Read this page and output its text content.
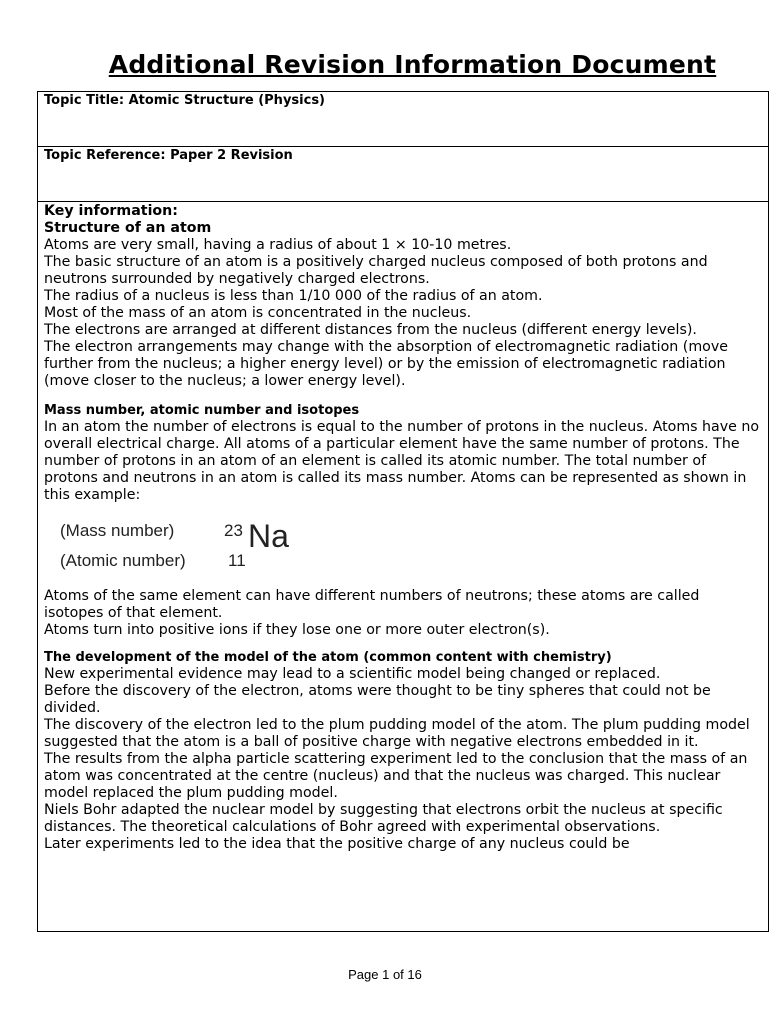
Additional Revision Information Document
Topic Title: Atomic Structure (Physics)
Topic Reference: Paper 2 Revision
Key information:
Structure of an atom
Atoms are very small, having a radius of about 1 × 10-10 metres.
The basic structure of an atom is a positively charged nucleus composed of both protons and neutrons surrounded by negatively charged electrons.
The radius of a nucleus is less than 1/10 000 of the radius of an atom.
Most of the mass of an atom is concentrated in the nucleus.
The electrons are arranged at different distances from the nucleus (different energy levels).
The electron arrangements may change with the absorption of electromagnetic radiation (move further from the nucleus; a higher energy level) or by the emission of electromagnetic radiation (move closer to the nucleus; a lower energy level).
Mass number, atomic number and isotopes
In an atom the number of electrons is equal to the number of protons in the nucleus. Atoms have no overall electrical charge. All atoms of a particular element have the same number of protons. The number of protons in an atom of an element is called its atomic number. The total number of protons and neutrons in an atom is called its mass number. Atoms can be represented as shown in this example:
(Mass number)
(Atomic number)
23
11
Na
Atoms of the same element can have different numbers of neutrons; these atoms are called isotopes of that element.
Atoms turn into positive ions if they lose one or more outer electron(s).
The development of the model of the atom (common content with chemistry)
New experimental evidence may lead to a scientific model being changed or replaced.
Before the discovery of the electron, atoms were thought to be tiny spheres that could not be divided.
The discovery of the electron led to the plum pudding model of the atom. The plum pudding model suggested that the atom is a ball of positive charge with negative electrons embedded in it.
The results from the alpha particle scattering experiment led to the conclusion that the mass of an atom was concentrated at the centre (nucleus) and that the nucleus was charged. This nuclear model replaced the plum pudding model.
Niels Bohr adapted the nuclear model by suggesting that electrons orbit the nucleus at specific distances. The theoretical calculations of Bohr agreed with experimental observations.
Later experiments led to the idea that the positive charge of any nucleus could be
Page 1 of 16
